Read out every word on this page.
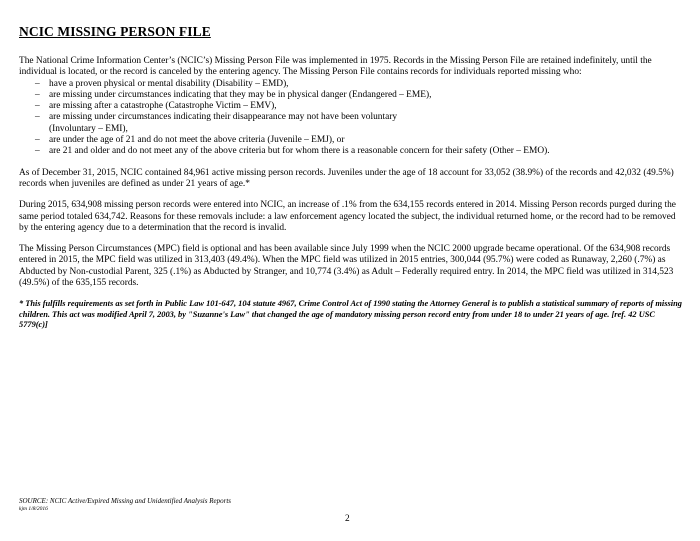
NCIC MISSING PERSON FILE

The National Crime Information Center’s (NCIC’s) Missing Person File was implemented in 1975. Records in the Missing Person File are retained indefinitely, until the individual is located, or the record is canceled by the entering agency. The Missing Person File contains records for individuals reported missing who:

– have a proven physical or mental disability (Disability – EMD),
– are missing under circumstances indicating that they may be in physical danger (Endangered – EME),
– are missing after a catastrophe (Catastrophe Victim – EMV),
– are missing under circumstances indicating their disappearance may not have been voluntary
(Involuntary – EMI),
– are under the age of 21 and do not meet the above criteria (Juvenile – EMJ), or
– are 21 and older and do not meet any of the above criteria but for whom there is a reasonable concern for their safety (Other – EMO).

As of December 31, 2015, NCIC contained 84,961 active missing person records. Juveniles under the age of 18 account for 33,052 (38.9%) of the records and 42,032 (49.5%) records when juveniles are defined as under 21 years of age.*

During 2015, 634,908 missing person records were entered into NCIC, an increase of .1% from the 634,155 records entered in 2014. Missing Person records purged during the same period totaled 634,742. Reasons for these removals include: a law enforcement agency located the subject, the individual returned home, or the record had to be removed by the entering agency due to a determination that the record is invalid.

The Missing Person Circumstances (MPC) field is optional and has been available since July 1999 when the NCIC 2000 upgrade became operational. Of the 634,908 records entered in 2015, the MPC field was utilized in 313,403 (49.4%). When the MPC field was utilized in 2015 entries, 300,044 (95.7%) were coded as Runaway, 2,260 (.7%) as Abducted by Non-custodial Parent, 325 (.1%) as Abducted by Stranger, and 10,774 (3.4%) as Adult – Federally required entry. In 2014, the MPC field was utilized in 314,523 (49.5%) of the 635,155 records.

* This fulfills requirements as set forth in Public Law 101-647, 104 statute 4967, Crime Control Act of 1990 stating the Attorney General is to publish a statistical summary of reports of missing children. This act was modified April 7, 2003, by "Suzanne's Law" that changed the age of mandatory missing person record entry from under 18 to under 21 years of age. [ref. 42 USC 5779(c)]

SOURCE: NCIC Active/Expired Missing and Unidentified Analysis Reports
kjm 1/8/2016
2
